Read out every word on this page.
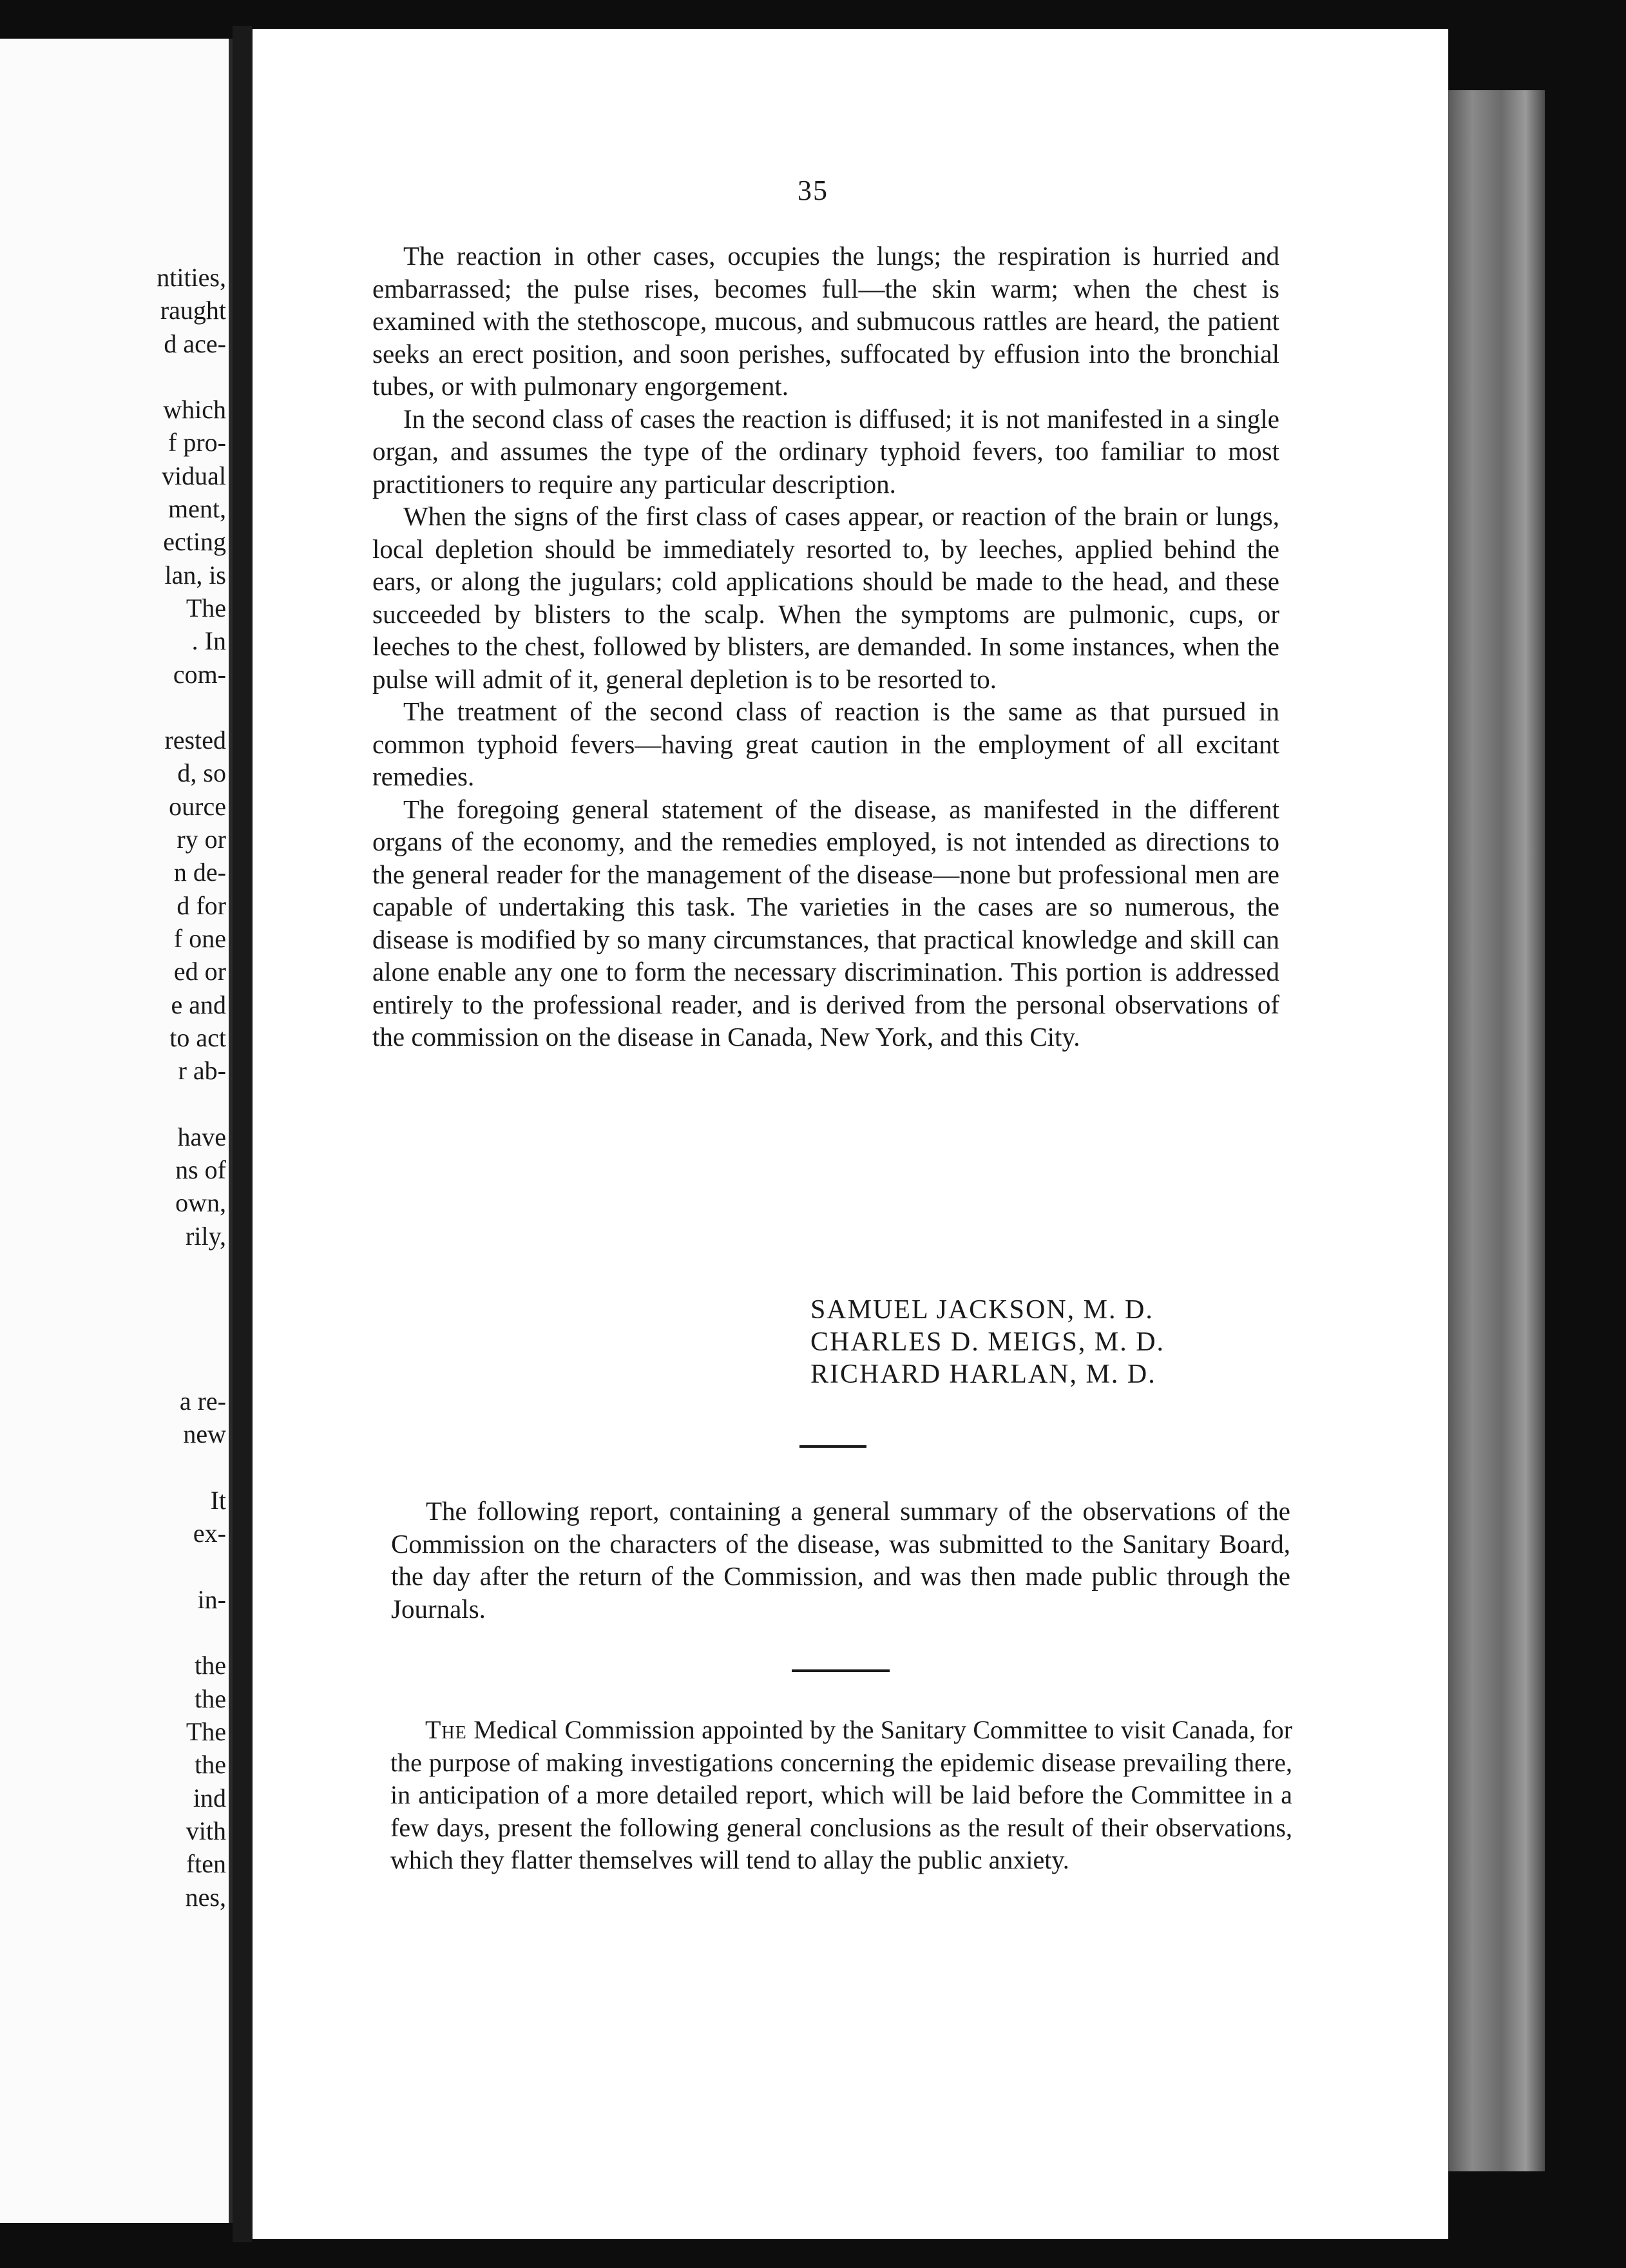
ntities,
raught
d ace-
which
f pro-
vidual
ment,
ecting
lan, is
The
. In
com-
rested
d, so
ource
ry or
n de-
d for
f one
ed or
e and
to act
r ab-
have
ns of
own,
rily,
a re-
new
It
ex-
in-
the
the
The
the
ind
vith
ften
nes,
35

The reaction in other cases, occupies the lungs; the respiration is hurried and embarrassed; the pulse rises, becomes full—the skin warm; when the chest is examined with the stethoscope, mucous, and submucous rattles are heard, the patient seeks an erect position, and soon perishes, suffocated by effusion into the bronchial tubes, or with pulmonary engorgement.

In the second class of cases the reaction is diffused; it is not manifested in a single organ, and assumes the type of the ordinary typhoid fevers, too familiar to most practitioners to require any particular description.

When the signs of the first class of cases appear, or reaction of the brain or lungs, local depletion should be immediately resorted to, by leeches, applied behind the ears, or along the jugulars; cold applications should be made to the head, and these succeeded by blisters to the scalp. When the symptoms are pulmonic, cups, or leeches to the chest, followed by blisters, are demanded. In some instances, when the pulse will admit of it, general depletion is to be resorted to.

The treatment of the second class of reaction is the same as that pursued in common typhoid fevers—having great caution in the employment of all excitant remedies.

The foregoing general statement of the disease, as manifested in the different organs of the economy, and the remedies employed, is not intended as directions to the general reader for the management of the disease—none but professional men are capable of undertaking this task. The varieties in the cases are so numerous, the disease is modified by so many circumstances, that practical knowledge and skill can alone enable any one to form the necessary discrimination. This portion is addressed entirely to the professional reader, and is derived from the personal observations of the commission on the disease in Canada, New York, and this City.

SAMUEL JACKSON, M. D.
CHARLES D. MEIGS, M. D.
RICHARD HARLAN, M. D.

The following report, containing a general summary of the observations of the Commission on the characters of the disease, was submitted to the Sanitary Board, the day after the return of the Commission, and was then made public through the Journals.

The Medical Commission appointed by the Sanitary Committee to visit Canada, for the purpose of making investigations concerning the epidemic disease prevailing there, in anticipation of a more detailed report, which will be laid before the Committee in a few days, present the following general conclusions as the result of their observations, which they flatter themselves will tend to allay the public anxiety.
